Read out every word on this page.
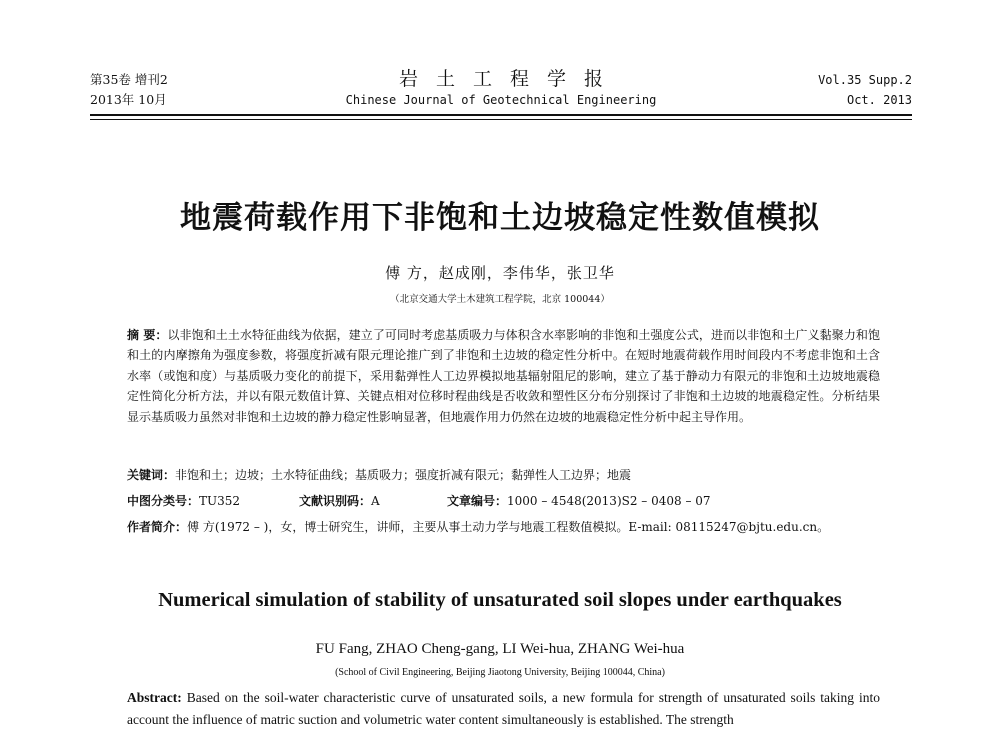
第35卷 增刊2
2013年 10月
岩土工程学报
Chinese Journal of Geotechnical Engineering
Vol.35 Supp.2
Oct. 2013
地震荷载作用下非饱和土边坡稳定性数值模拟
傅 方，赵成刚，李伟华，张卫华
（北京交通大学土木建筑工程学院，北京 100044）
摘 要：以非饱和土土水特征曲线为依据，建立了可同时考虑基质吸力与体积含水率影响的非饱和土强度公式，进而以非饱和土广义黏聚力和饱和土的内摩擦角为强度参数，将强度折减有限元理论推广到了非饱和土边坡的稳定性分析中。在短时地震荷载作用时间段内不考虑非饱和土含水率（或饱和度）与基质吸力变化的前提下，采用黏弹性人工边界模拟地基辐射阻尼的影响，建立了基于静动力有限元的非饱和土边坡地震稳定性简化分析方法，并以有限元数值计算、关键点相对位移时程曲线是否收敛和塑性区分布分别探讨了非饱和土边坡的地震稳定性。分析结果显示基质吸力虽然对非饱和土边坡的静力稳定性影响显著，但地震作用力仍然在边坡的地震稳定性分析中起主导作用。
关键词：非饱和土；边坡；土水特征曲线；基质吸力；强度折减有限元；黏弹性人工边界；地震
中图分类号：TU352	文献识别码：A	文章编号：1000 – 4548(2013)S2 – 0408 – 07
作者简介：傅 方(1972 – )，女，博士研究生，讲师，主要从事土动力学与地震工程数值模拟。E-mail: 08115247@bjtu.edu.cn。
Numerical simulation of stability of unsaturated soil slopes under earthquakes
FU Fang, ZHAO Cheng-gang, LI Wei-hua, ZHANG Wei-hua
(School of Civil Engineering, Beijing Jiaotong University, Beijing 100044, China)
Abstract: Based on the soil-water characteristic curve of unsaturated soils, a new formula for strength of unsaturated soils taking into account the influence of matric suction and volumetric water content simultaneously is established. The strength
